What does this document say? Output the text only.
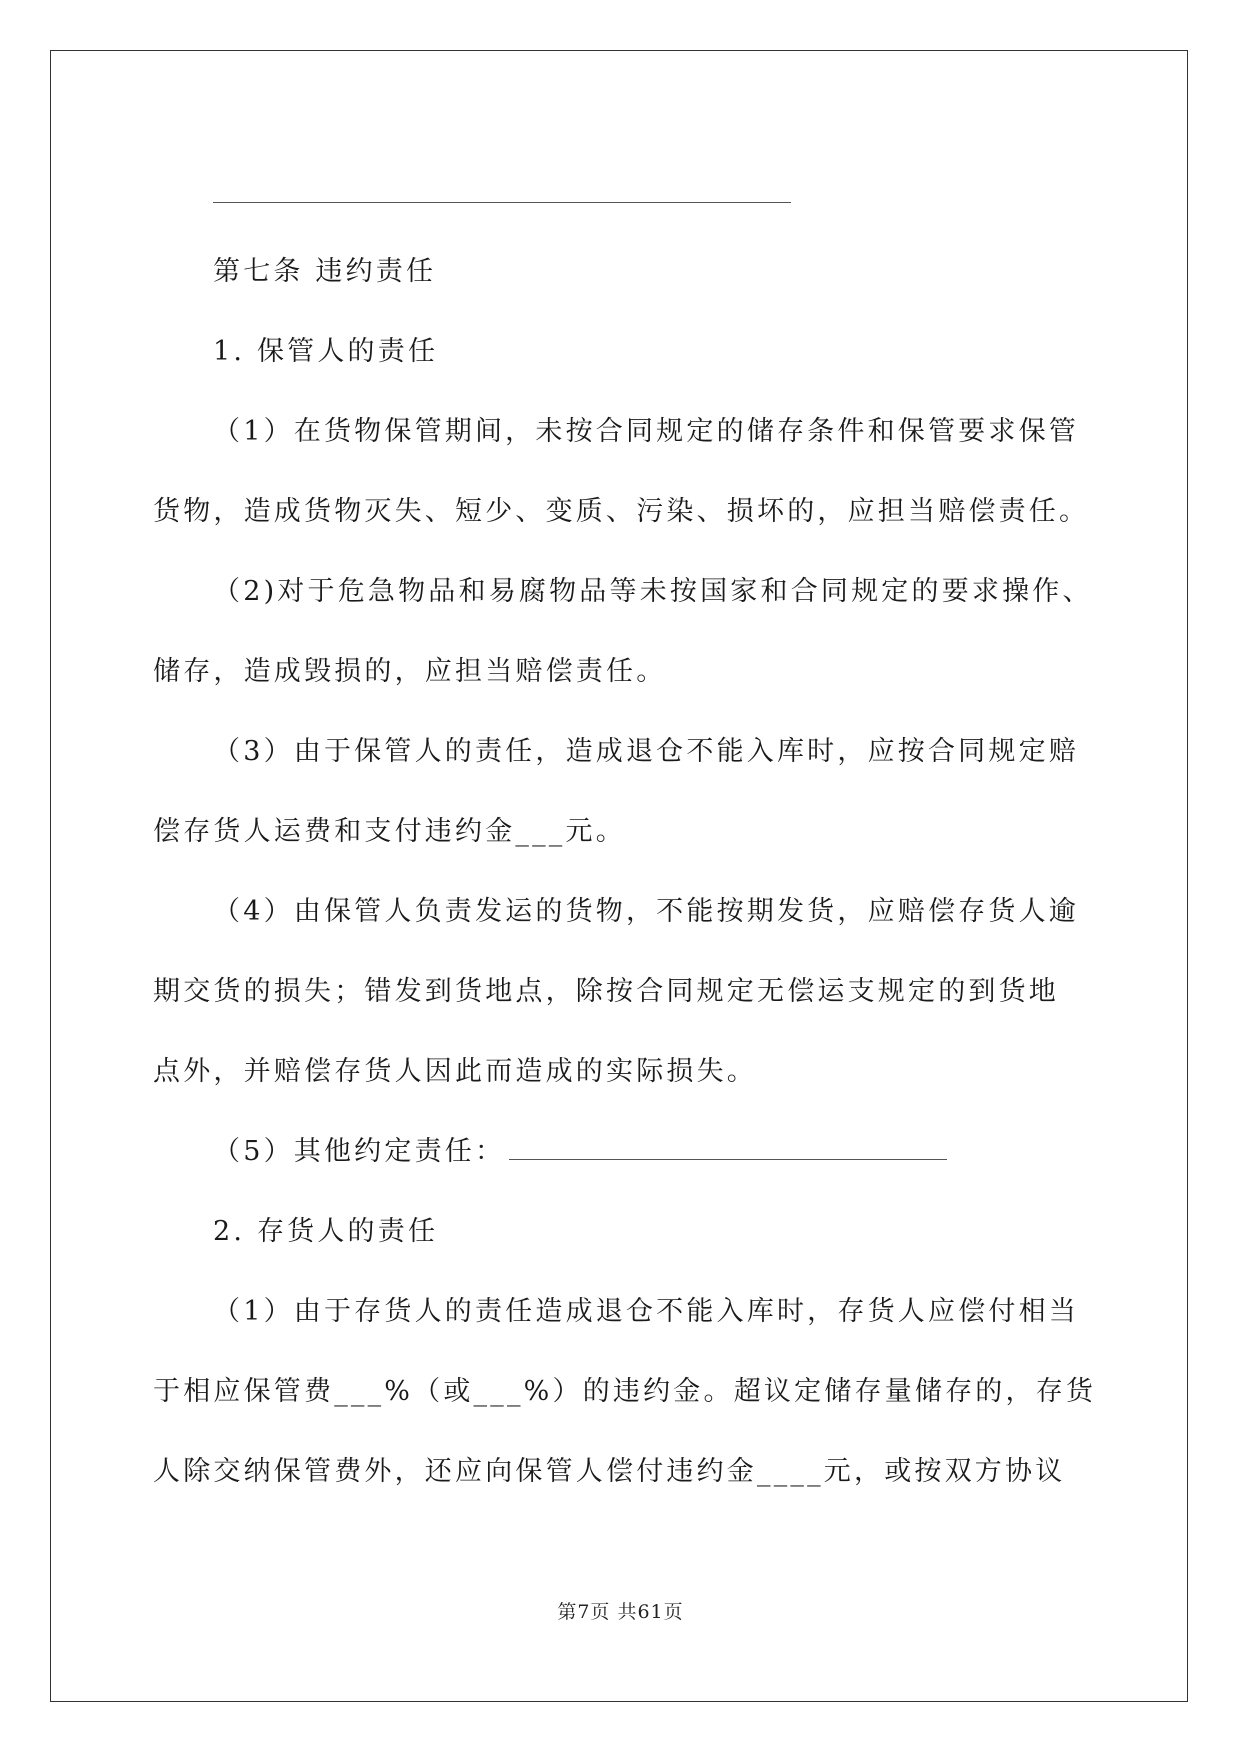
第七条 违约责任
1. 保管人的责任
（1）在货物保管期间，未按合同规定的储存条件和保管要求保管
货物，造成货物灭失、短少、变质、污染、损坏的，应担当赔偿责任。
（2)对于危急物品和易腐物品等未按国家和合同规定的要求操作、
储存，造成毁损的，应担当赔偿责任。
（3）由于保管人的责任，造成退仓不能入库时，应按合同规定赔
偿存货人运费和支付违约金___元。
（4）由保管人负责发运的货物，不能按期发货，应赔偿存货人逾
期交货的损失；错发到货地点，除按合同规定无偿运支规定的到货地
点外，并赔偿存货人因此而造成的实际损失。
（5）其他约定责任：
2. 存货人的责任
（1）由于存货人的责任造成退仓不能入库时，存货人应偿付相当
于相应保管费___%（或___%）的违约金。超议定储存量储存的，存货
人除交纳保管费外，还应向保管人偿付违约金____元，或按双方协议
第7页 共61页
